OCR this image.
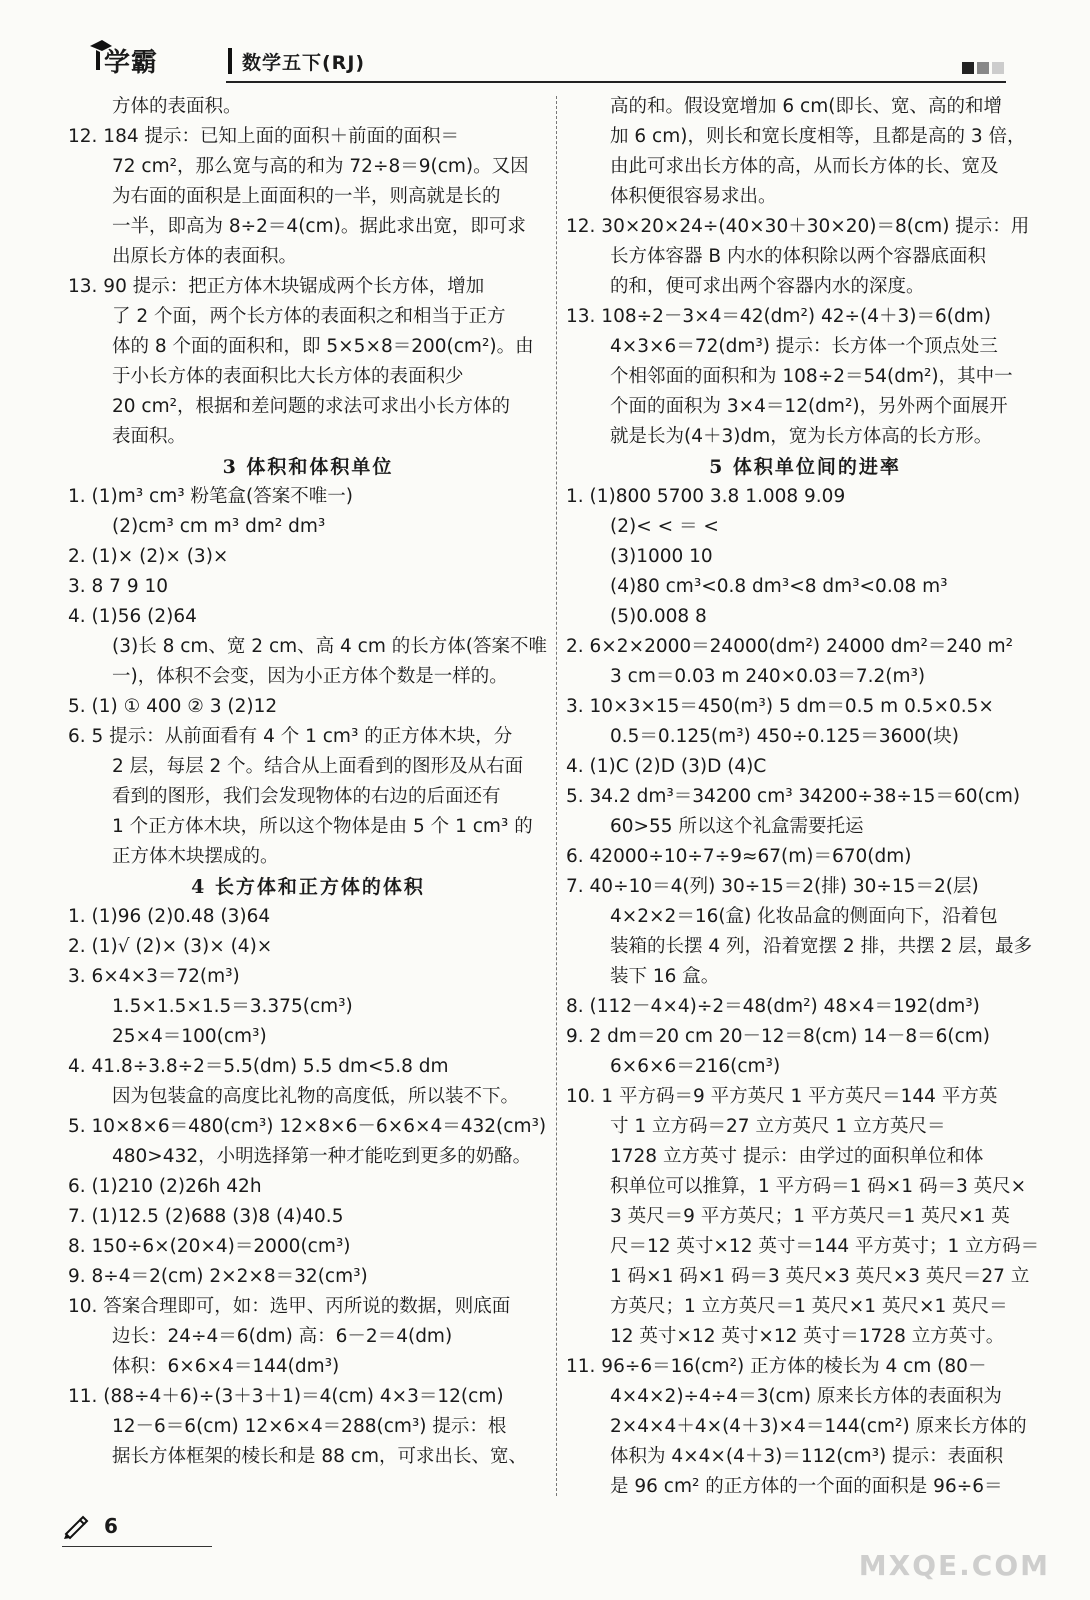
学霸	数学五下(RJ)
方体的表面积。
12. 184 提示：已知上面的面积＋前面的面积＝
72 cm²，那么宽与高的和为 72÷8＝9(cm)。又因
为右面的面积是上面面积的一半，则高就是长的
一半，即高为 8÷2＝4(cm)。据此求出宽，即可求
出原长方体的表面积。
13. 90 提示：把正方体木块锯成两个长方体，增加
了 2 个面，两个长方体的表面积之和相当于正方
体的 8 个面的面积和，即 5×5×8＝200(cm²)。由
于小长方体的表面积比大长方体的表面积少
20 cm²，根据和差问题的求法可求出小长方体的
表面积。
3 体积和体积单位
1. (1)m³ cm³ 粉笔盒(答案不唯一)
(2)cm³ cm m³ dm² dm³
2. (1)× (2)× (3)×
3. 8 7 9 10
4. (1)56 (2)64
(3)长 8 cm、宽 2 cm、高 4 cm 的长方体(答案不唯
一)，体积不会变，因为小正方体个数是一样的。
5. (1) ① 400 ② 3 (2)12
6. 5 提示：从前面看有 4 个 1 cm³ 的正方体木块，分
2 层，每层 2 个。结合从上面看到的图形及从右面
看到的图形，我们会发现物体的右边的后面还有
1 个正方体木块，所以这个物体是由 5 个 1 cm³ 的
正方体木块摆成的。
4 长方体和正方体的体积
1. (1)96 (2)0.48 (3)64
2. (1)√ (2)× (3)× (4)×
3. 6×4×3＝72(m³)
1.5×1.5×1.5＝3.375(cm³)
25×4＝100(cm³)
4. 41.8÷3.8÷2＝5.5(dm) 5.5 dm<5.8 dm
因为包装盒的高度比礼物的高度低，所以装不下。
5. 10×8×6＝480(cm³) 12×8×6－6×6×4＝432(cm³)
480>432，小明选择第一种才能吃到更多的奶酪。
6. (1)210 (2)26h 42h
7. (1)12.5 (2)688 (3)8 (4)40.5
8. 150÷6×(20×4)＝2000(cm³)
9. 8÷4＝2(cm) 2×2×8＝32(cm³)
10. 答案合理即可，如：选甲、丙所说的数据，则底面
边长：24÷4＝6(dm) 高：6－2＝4(dm)
体积：6×6×4＝144(dm³)
11. (88÷4＋6)÷(3＋3＋1)＝4(cm) 4×3＝12(cm)
12－6＝6(cm) 12×6×4＝288(cm³) 提示：根
据长方体框架的棱长和是 88 cm，可求出长、宽、
高的和。假设宽增加 6 cm(即长、宽、高的和增
加 6 cm)，则长和宽长度相等，且都是高的 3 倍，
由此可求出长方体的高，从而长方体的长、宽及
体积便很容易求出。
12. 30×20×24÷(40×30＋30×20)＝8(cm) 提示：用
长方体容器 B 内水的体积除以两个容器底面积
的和，便可求出两个容器内水的深度。
13. 108÷2－3×4＝42(dm²) 42÷(4＋3)＝6(dm)
4×3×6＝72(dm³) 提示：长方体一个顶点处三
个相邻面的面积和为 108÷2＝54(dm²)，其中一
个面的面积为 3×4＝12(dm²)，另外两个面展开
就是长为(4＋3)dm，宽为长方体高的长方形。
5 体积单位间的进率
1. (1)800 5700 3.8 1.008 9.09
(2)< < ＝ <
(3)1000 10
(4)80 cm³<0.8 dm³<8 dm³<0.08 m³
(5)0.008 8
2. 6×2×2000＝24000(dm²) 24000 dm²＝240 m²
3 cm＝0.03 m 240×0.03＝7.2(m³)
3. 10×3×15＝450(m³) 5 dm＝0.5 m 0.5×0.5×
0.5＝0.125(m³) 450÷0.125＝3600(块)
4. (1)C (2)D (3)D (4)C
5. 34.2 dm³＝34200 cm³ 34200÷38÷15＝60(cm)
60>55 所以这个礼盒需要托运
6. 42000÷10÷7÷9≈67(m)＝670(dm)
7. 40÷10＝4(列) 30÷15＝2(排) 30÷15＝2(层)
4×2×2＝16(盒) 化妆品盒的侧面向下，沿着包
装箱的长摆 4 列，沿着宽摆 2 排，共摆 2 层，最多
装下 16 盒。
8. (112－4×4)÷2＝48(dm²) 48×4＝192(dm³)
9. 2 dm＝20 cm 20－12＝8(cm) 14－8＝6(cm)
6×6×6＝216(cm³)
10. 1 平方码＝9 平方英尺 1 平方英尺＝144 平方英
寸 1 立方码＝27 立方英尺 1 立方英尺＝
1728 立方英寸 提示：由学过的面积单位和体
积单位可以推算，1 平方码＝1 码×1 码＝3 英尺×
3 英尺＝9 平方英尺；1 平方英尺＝1 英尺×1 英
尺＝12 英寸×12 英寸＝144 平方英寸；1 立方码＝
1 码×1 码×1 码＝3 英尺×3 英尺×3 英尺＝27 立
方英尺；1 立方英尺＝1 英尺×1 英尺×1 英尺＝
12 英寸×12 英寸×12 英寸＝1728 立方英寸。
11. 96÷6＝16(cm²) 正方体的棱长为 4 cm (80－
4×4×2)÷4÷4＝3(cm) 原来长方体的表面积为
2×4×4＋4×(4＋3)×4＝144(cm²) 原来长方体的
体积为 4×4×(4＋3)＝112(cm³) 提示：表面积
是 96 cm² 的正方体的一个面的面积是 96÷6＝
6
MXQE.COM
